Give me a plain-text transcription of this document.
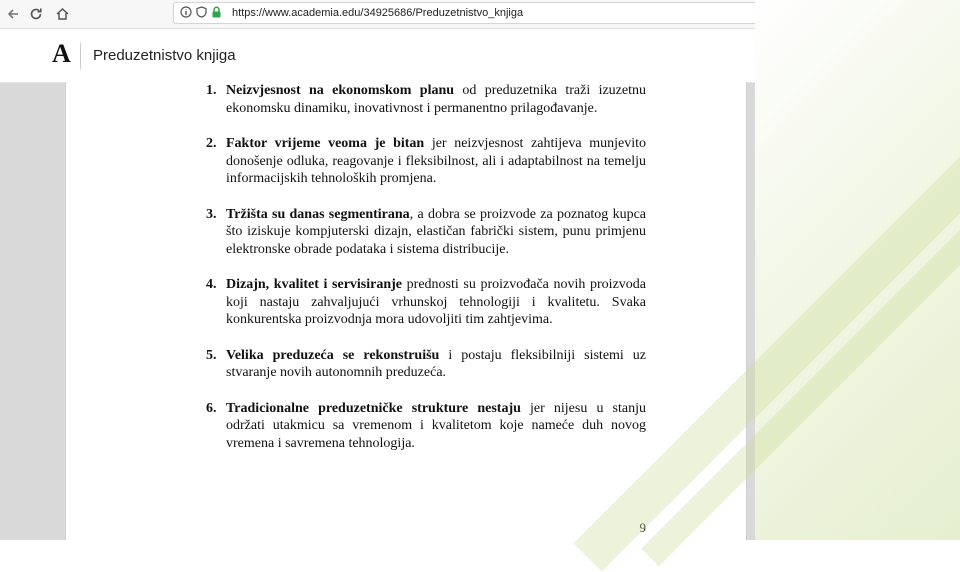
https://www.academia.edu/34925686/Preduzetnistvo_knjiga
A Preduzetnistvo knjiga
1. Neizvjesnost na ekonomskom planu od preduzetnika traži izuzetnu ekonomsku dinamiku, inovativnost i permanentno prilagođavanje.
2. Faktor vrijeme veoma je bitan jer neizvjesnost zahtijeva munjevito donošenje odluka, reagovanje i fleksibilnost, ali i adaptabilnost na temelju informacijskih tehnoloških promjena.
3. Tržišta su danas segmentirana, a dobra se proizvode za poznatog kupca što iziskuje kompjuterski dizajn, elastičan fabrički sistem, punu primjenu elektronske obrade podataka i sistema distribucije.
4. Dizajn, kvalitet i servisiranje prednosti su proizvođača novih proizvoda koji nastaju zahvaljujući vrhunskoj tehnologiji i kvalitetu. Svaka konkurentska proizvodnja mora udovoljiti tim zahtjevima.
5. Velika preduzeća se rekonstruišu i postaju fleksibilniji sistemi uz stvaranje novih autonomnih preduzeća.
6. Tradicionalne preduzetničke strukture nestaju jer nijesu u stanju održati utakmicu sa vremenom i kvalitetom koje nameće duh novog vremena i savremena tehnologija.
9
